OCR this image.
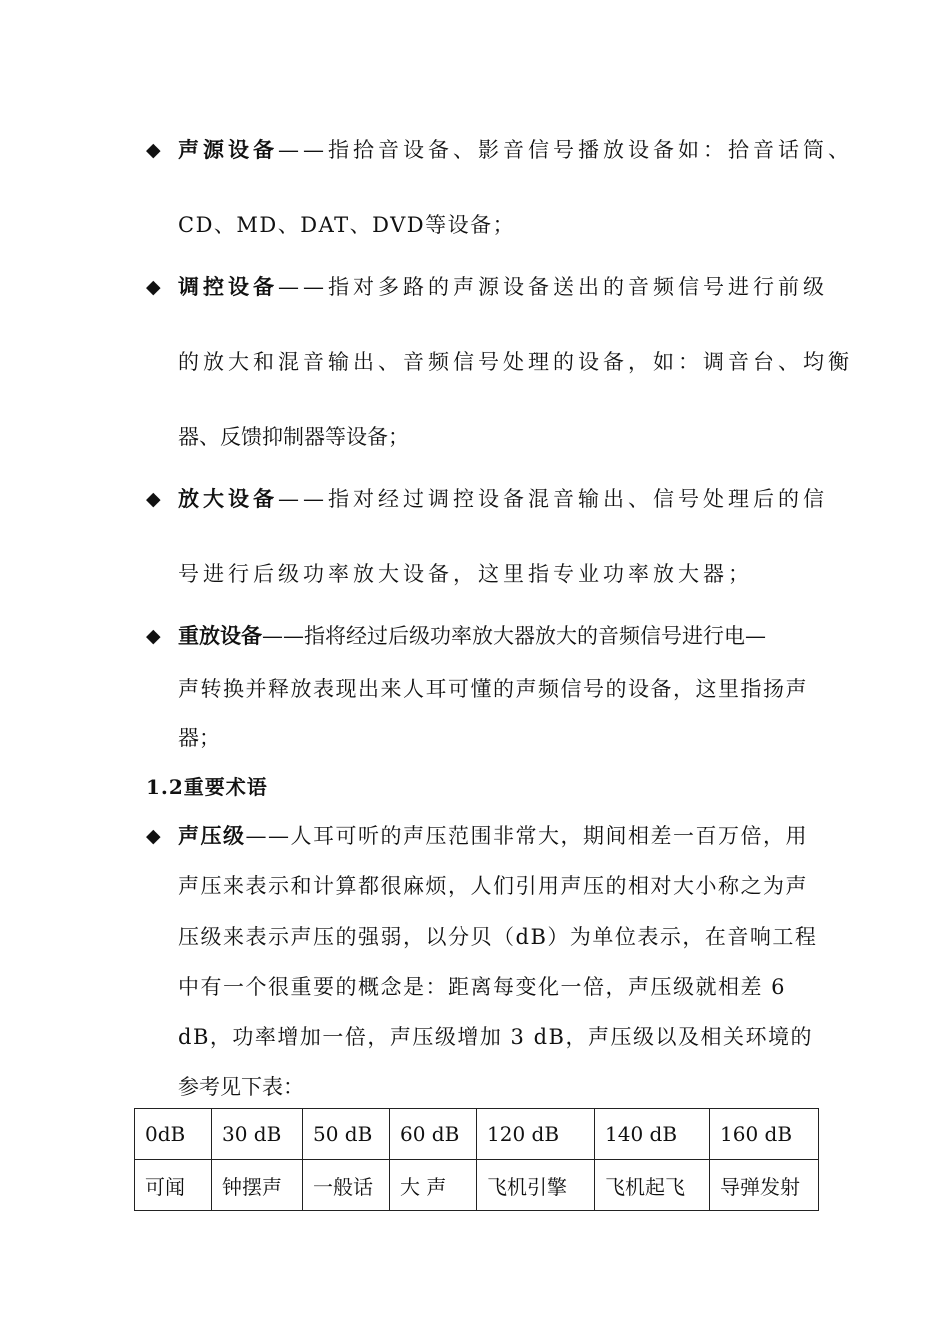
◆ 声源设备——指拾音设备、影音信号播放设备如：拾音话筒、
CD、MD、DAT、DVD等设备；
◆ 调控设备——指对多路的声源设备送出的音频信号进行前级
的放大和混音输出、音频信号处理的设备，如：调音台、均衡
器、反馈抑制器等设备；
◆ 放大设备——指对经过调控设备混音输出、信号处理后的信
号进行后级功率放大设备，这里指专业功率放大器；
◆ 重放设备——指将经过后级功率放大器放大的音频信号进行电—
声转换并释放表现出来人耳可懂的声频信号的设备，这里指扬声
器；
1.2重要术语
◆ 声压级——人耳可听的声压范围非常大，期间相差一百万倍，用
声压来表示和计算都很麻烦，人们引用声压的相对大小称之为声
压级来表示声压的强弱，以分贝（dB）为单位表示，在音响工程
中有一个很重要的概念是：距离每变化一倍，声压级就相差 6
dB，功率增加一倍，声压级增加 3 dB，声压级以及相关环境的
参考见下表：
0dB	30 dB	50 dB	60 dB	120 dB	140 dB	160 dB
可闻	钟摆声	一般话	大 声	飞机引擎	飞机起飞	导弹发射
